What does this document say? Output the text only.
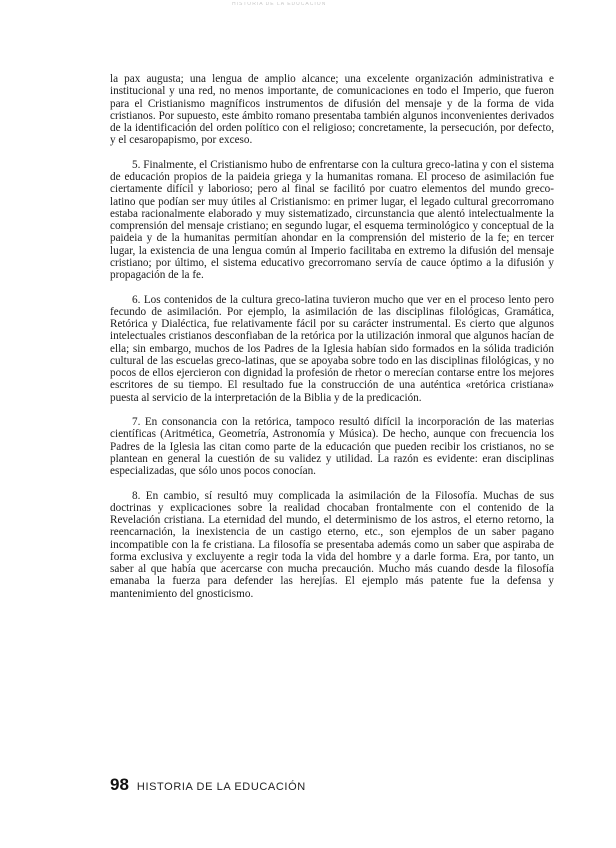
HISTORIA DE LA EDUCACIÓN

la pax augusta; una lengua de amplio alcance; una excelente organización administrativa e institucional y una red, no menos importante, de comunicaciones en todo el Imperio, que fueron para el Cristianismo magníficos instrumentos de difusión del mensaje y de la forma de vida cristianos. Por supuesto, este ámbito romano presentaba también algunos inconvenientes derivados de la identificación del orden político con el religioso; concretamente, la persecución, por defecto, y el cesaropapismo, por exceso.

5. Finalmente, el Cristianismo hubo de enfrentarse con la cultura greco-latina y con el sistema de educación propios de la paideia griega y la humanitas romana. El proceso de asimilación fue ciertamente difícil y laborioso; pero al final se facilitó por cuatro elementos del mundo greco-latino que podían ser muy útiles al Cristianismo: en primer lugar, el legado cultural grecorromano estaba racionalmente elaborado y muy sistematizado, circunstancia que alentó intelectualmente la comprensión del mensaje cristiano; en segundo lugar, el esquema terminológico y conceptual de la paideia y de la humanitas permitían ahondar en la comprensión del misterio de la fe; en tercer lugar, la existencia de una lengua común al Imperio facilitaba en extremo la difusión del mensaje cristiano; por último, el sistema educativo grecorromano servía de cauce óptimo a la difusión y propagación de la fe.

6. Los contenidos de la cultura greco-latina tuvieron mucho que ver en el proceso lento pero fecundo de asimilación. Por ejemplo, la asimilación de las disciplinas filológicas, Gramática, Retórica y Dialéctica, fue relativamente fácil por su carácter instrumental. Es cierto que algunos intelectuales cristianos desconfiaban de la retórica por la utilización inmoral que algunos hacían de ella; sin embargo, muchos de los Padres de la Iglesia habían sido formados en la sólida tradición cultural de las escuelas greco-latinas, que se apoyaba sobre todo en las disciplinas filológicas, y no pocos de ellos ejercieron con dignidad la profesión de rhetor o merecían contarse entre los mejores escritores de su tiempo. El resultado fue la construcción de una auténtica «retórica cristiana» puesta al servicio de la interpretación de la Biblia y de la predicación.

7. En consonancia con la retórica, tampoco resultó difícil la incorporación de las materias científicas (Aritmética, Geometría, Astronomía y Música). De hecho, aunque con frecuencia los Padres de la Iglesia las citan como parte de la educación que pueden recibir los cristianos, no se plantean en general la cuestión de su validez y utilidad. La razón es evidente: eran disciplinas especializadas, que sólo unos pocos conocían.

8. En cambio, sí resultó muy complicada la asimilación de la Filosofía. Muchas de sus doctrinas y explicaciones sobre la realidad chocaban frontalmente con el contenido de la Revelación cristiana. La eternidad del mundo, el determinismo de los astros, el eterno retorno, la reencarnación, la inexistencia de un castigo eterno, etc., son ejemplos de un saber pagano incompatible con la fe cristiana. La filosofía se presentaba además como un saber que aspiraba de forma exclusiva y excluyente a regir toda la vida del hombre y a darle forma. Era, por tanto, un saber al que había que acercarse con mucha precaución. Mucho más cuando desde la filosofía emanaba la fuerza para defender las herejías. El ejemplo más patente fue la defensa y mantenimiento del gnosticismo.

98 HISTORIA DE LA EDUCACIÓN
